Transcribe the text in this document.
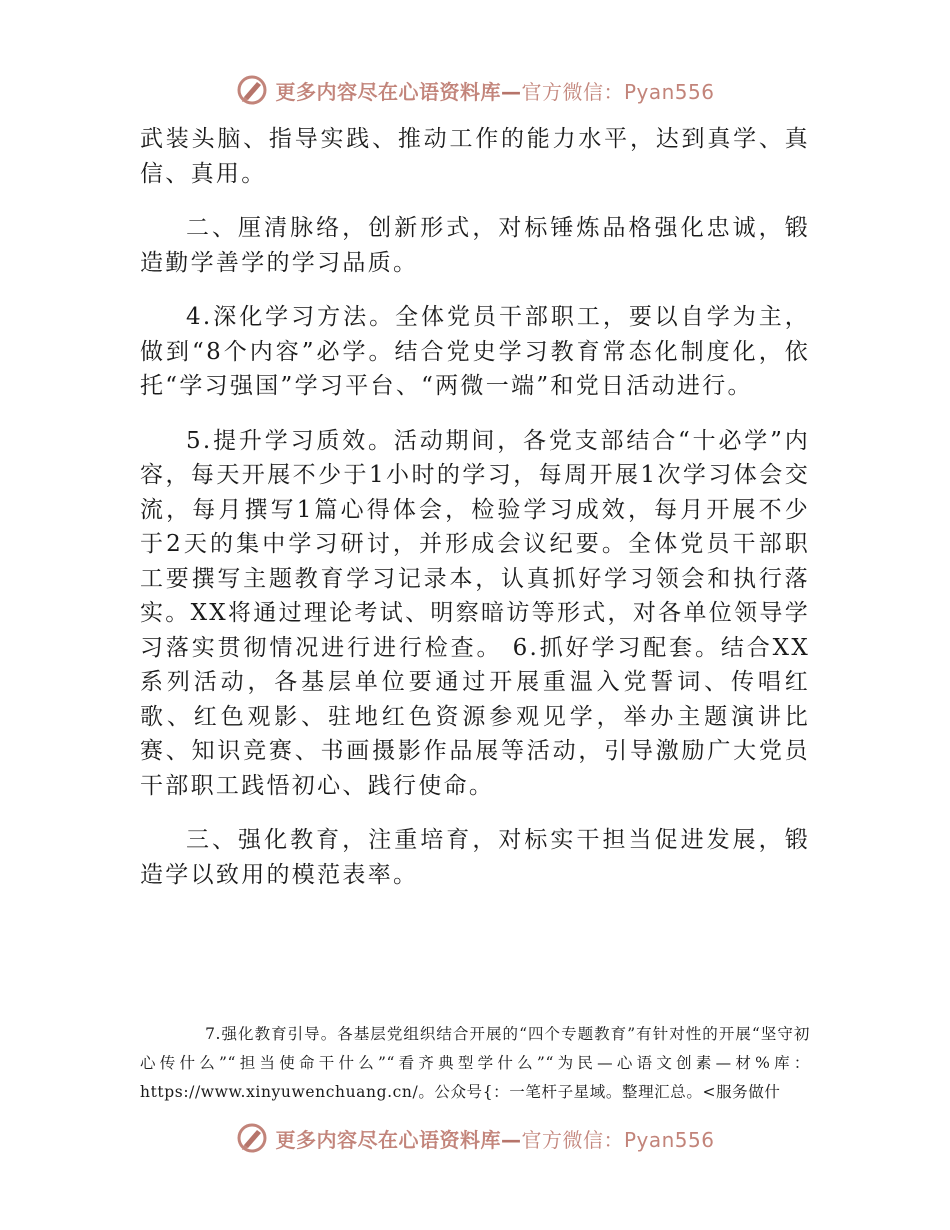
更多内容尽在心语资料库—官方微信：Pyan556

武装头脑、指导实践、推动工作的能力水平，达到真学、真信、真用。

二、厘清脉络，创新形式，对标锤炼品格强化忠诚，锻造勤学善学的学习品质。

4.深化学习方法。全体党员干部职工，要以自学为主，做到“8个内容”必学。结合党史学习教育常态化制度化，依托“学习强国”学习平台、“两微一端”和党日活动进行。

5.提升学习质效。活动期间，各党支部结合“十必学”内容，每天开展不少于1小时的学习，每周开展1次学习体会交流，每月撰写1篇心得体会，检验学习成效，每月开展不少于2天的集中学习研讨，并形成会议纪要。全体党员干部职工要撰写主题教育学习记录本，认真抓好学习领会和执行落实。XX将通过理论考试、明察暗访等形式，对各单位领导学习落实贯彻情况进行进行检查。 6.抓好学习配套。结合XX系列活动，各基层单位要通过开展重温入党誓词、传唱红歌、红色观影、驻地红色资源参观见学，举办主题演讲比赛、知识竞赛、书画摄影作品展等活动，引导激励广大党员干部职工践悟初心、践行使命。

三、强化教育，注重培育，对标实干担当促进发展，锻造学以致用的模范表率。

7.强化教育引导。各基层党组织结合开展的“四个专题教育”有针对性的开展“坚守初心传什么”“担当使命干什么”“看齐典型学什么”“为民—心语文创素—材%库：https://www.xinyuwenchuang.cn/。公众号{：一笔杆子星域。整理汇总。<服务做什

更多内容尽在心语资料库—官方微信：Pyan556
